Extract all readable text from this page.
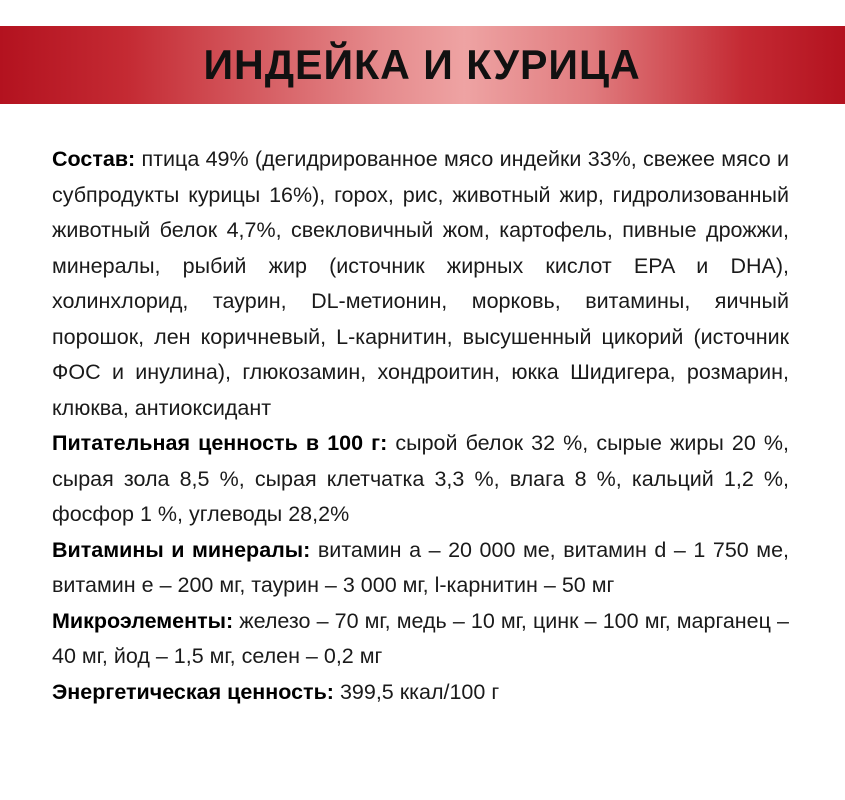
ИНДЕЙКА И КУРИЦА

Состав: птица 49% (дегидрированное мясо индейки 33%, свежее мясо и субпродукты курицы 16%), горох, рис, животный жир, гидролизованный животный белок 4,7%, свекловичный жом, картофель, пивные дрожжи, минералы, рыбий жир (источник жирных кислот EPA и DHA), холинхлорид, таурин, DL-метионин, морковь, витамины, яичный порошок, лен коричневый, L-карнитин, высушенный цикорий (источник ФОС и инулина), глюкозамин, хондроитин, юкка Шидигера, розмарин, клюква, антиоксидант

Питательная ценность в 100 г: сырой белок 32 %, сырые жиры 20 %, сырая зола 8,5 %, сырая клетчатка 3,3 %, влага 8 %, кальций 1,2 %, фосфор 1 %, углеводы 28,2%

Витамины и минералы: витамин а – 20 000 ме, витамин d – 1 750 ме, витамин е – 200 мг, таурин – 3 000 мг, l-карнитин – 50 мг

Микроэлементы: железо – 70 мг, медь – 10 мг, цинк – 100 мг, марганец – 40 мг, йод – 1,5 мг, селен – 0,2 мг

Энергетическая ценность: 399,5 ккал/100 г
